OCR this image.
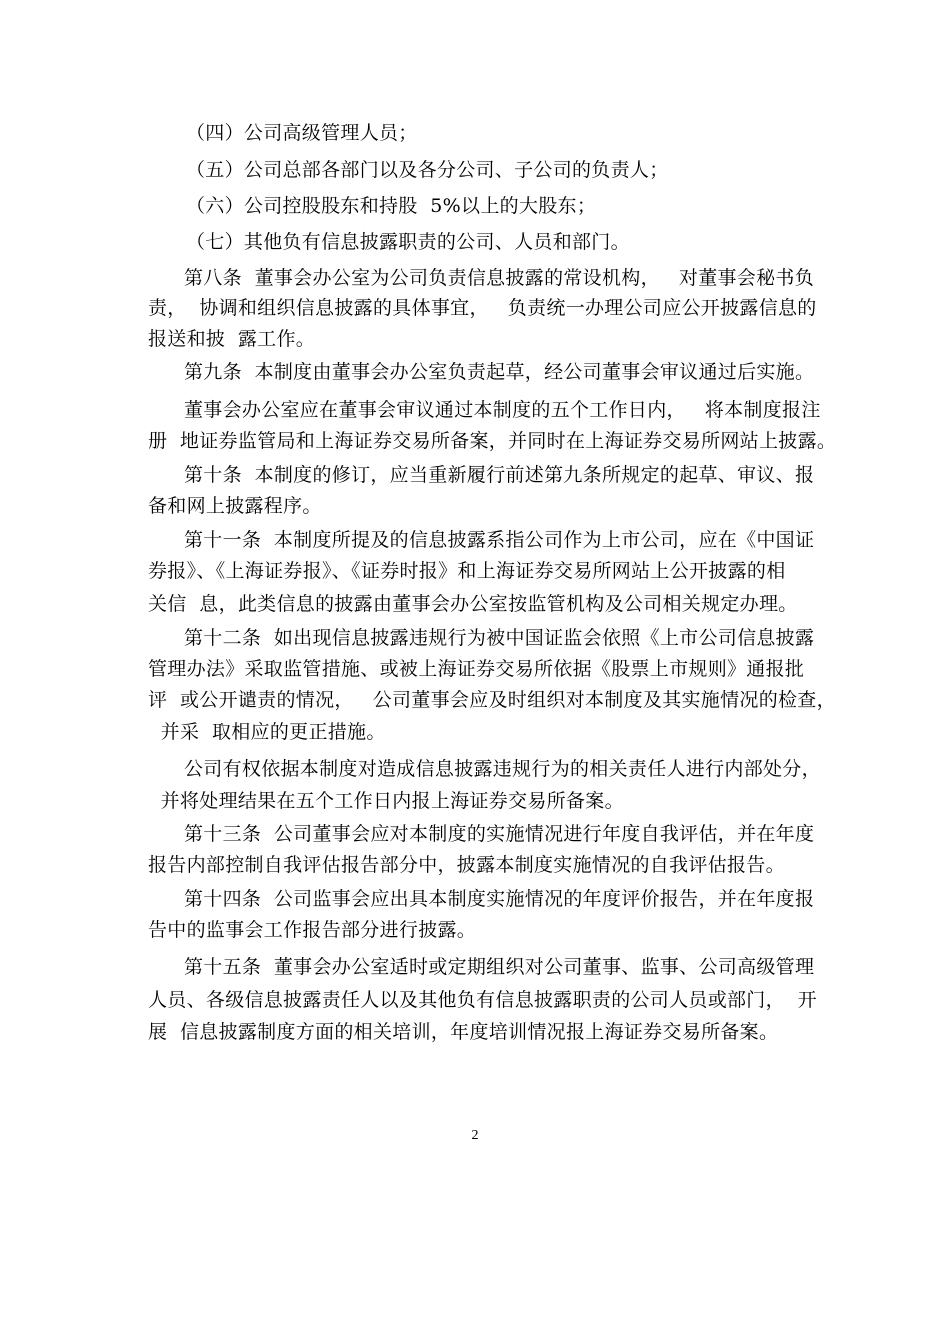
（四）公司高级管理人员；
（五）公司总部各部门以及各分公司、子公司的负责人；
（六）公司控股股东和持股  5%以上的大股东；
（七）其他负有信息披露职责的公司、人员和部门。
第八条  董事会办公室为公司负责信息披露的常设机构，   对董事会秘书负
责，  协调和组织信息披露的具体事宜，   负责统一办理公司应公开披露信息的
报送和披  露工作。
第九条  本制度由董事会办公室负责起草，经公司董事会审议通过后实施。
董事会办公室应在董事会审议通过本制度的五个工作日内，   将本制度报注
册  地证券监管局和上海证券交易所备案，并同时在上海证券交易所网站上披露。
第十条  本制度的修订，应当重新履行前述第九条所规定的起草、审议、报
备和网上披露程序。
第十一条  本制度所提及的信息披露系指公司作为上市公司，应在《中国证
券报》、《上海证券报》、《证券时报》和上海证券交易所网站上公开披露的相
关信  息，此类信息的披露由董事会办公室按监管机构及公司相关规定办理。
第十二条  如出现信息披露违规行为被中国证监会依照《上市公司信息披露
管理办法》采取监管措施、或被上海证券交易所依据《股票上市规则》通报批
评  或公开谴责的情况，   公司董事会应及时组织对本制度及其实施情况的检查，
并采  取相应的更正措施。
公司有权依据本制度对造成信息披露违规行为的相关责任人进行内部处分，
并将处理结果在五个工作日内报上海证券交易所备案。
第十三条  公司董事会应对本制度的实施情况进行年度自我评估，并在年度
报告内部控制自我评估报告部分中，披露本制度实施情况的自我评估报告。
第十四条  公司监事会应出具本制度实施情况的年度评价报告，并在年度报
告中的监事会工作报告部分进行披露。
第十五条  董事会办公室适时或定期组织对公司董事、监事、公司高级管理
人员、各级信息披露责任人以及其他负有信息披露职责的公司人员或部门，  开
展  信息披露制度方面的相关培训，年度培训情况报上海证券交易所备案。
2
